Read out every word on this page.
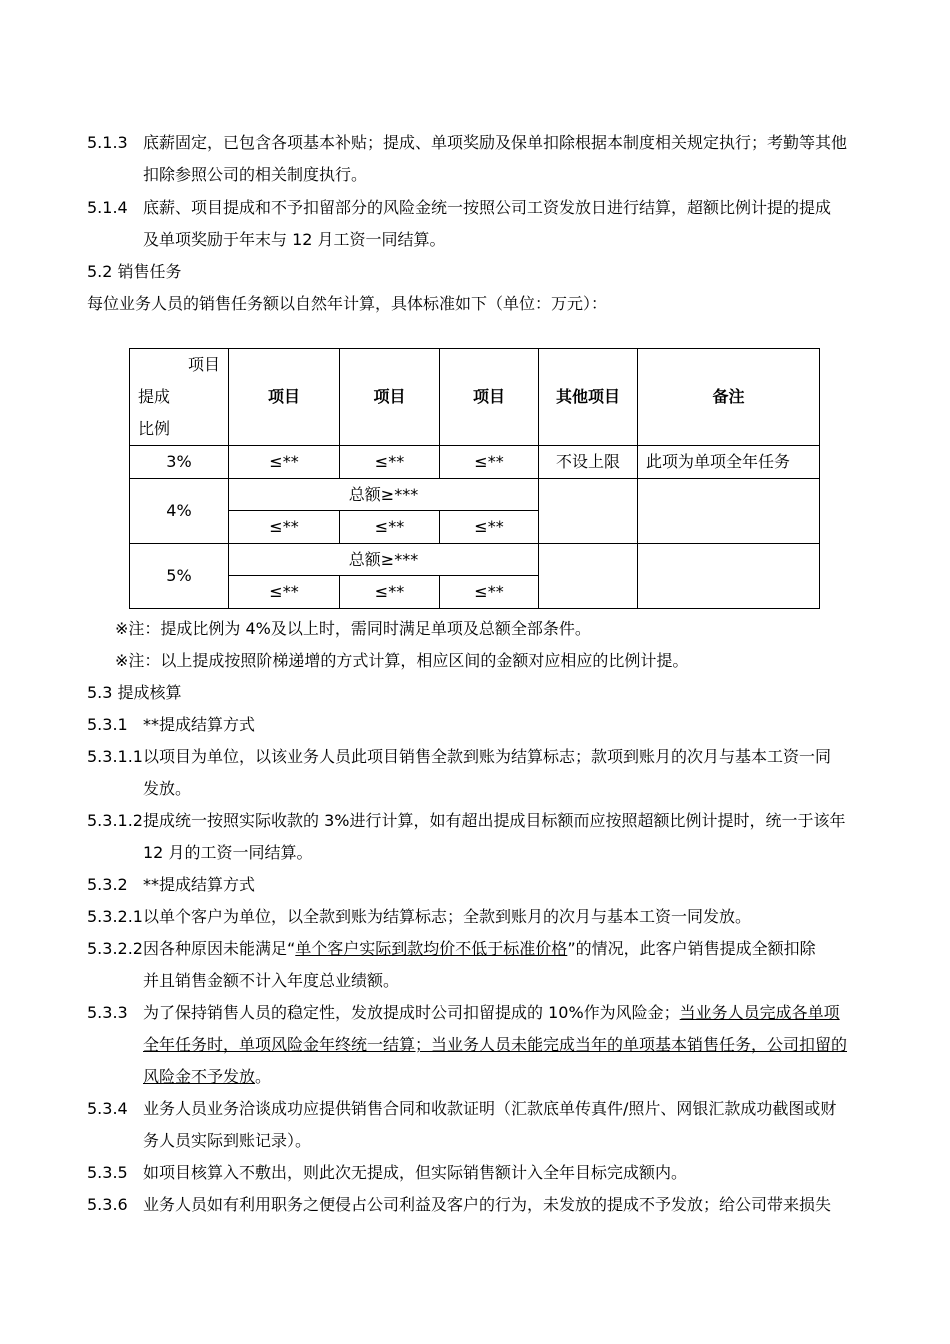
5.1.3 底薪固定，已包含各项基本补贴；提成、单项奖励及保单扣除根据本制度相关规定执行；考勤等其他
扣除参照公司的相关制度执行。
5.1.4 底薪、项目提成和不予扣留部分的风险金统一按照公司工资发放日进行结算，超额比例计提的提成
及单项奖励于年末与 12 月工资一同结算。
5.2 销售任务
每位业务人员的销售任务额以自然年计算，具体标准如下（单位：万元）：
项目
提成
比例	项目	项目	项目	其他项目	备注
3%	≤**	≤**	≤**	不设上限	此项为单项全年任务
4%	总额≥***				
	≤**	≤**	≤**		
5%	总额≥***				
	≤**	≤**	≤**		
※注：提成比例为 4%及以上时，需同时满足单项及总额全部条件。
※注：以上提成按照阶梯递增的方式计算，相应区间的金额对应相应的比例计提。
5.3 提成核算
5.3.1 **提成结算方式
5.3.1.1 以项目为单位，以该业务人员此项目销售全款到账为结算标志；款项到账月的次月与基本工资一同
发放。
5.3.1.2 提成统一按照实际收款的 3%进行计算，如有超出提成目标额而应按照超额比例计提时，统一于该年
12 月的工资一同结算。
5.3.2 **提成结算方式
5.3.2.1 以单个客户为单位，以全款到账为结算标志；全款到账月的次月与基本工资一同发放。
5.3.2.2 因各种原因未能满足“单个客户实际到款均价不低于标准价格”的情况，此客户销售提成全额扣除
并且销售金额不计入年度总业绩额。
5.3.3 为了保持销售人员的稳定性，发放提成时公司扣留提成的 10%作为风险金；当业务人员完成各单项
全年任务时，单项风险金年终统一结算；当业务人员未能完成当年的单项基本销售任务，公司扣留的
风险金不予发放。
5.3.4 业务人员业务洽谈成功应提供销售合同和收款证明（汇款底单传真件/照片、网银汇款成功截图或财
务人员实际到账记录）。
5.3.5 如项目核算入不敷出，则此次无提成，但实际销售额计入全年目标完成额内。
5.3.6 业务人员如有利用职务之便侵占公司利益及客户的行为，未发放的提成不予发放；给公司带来损失
